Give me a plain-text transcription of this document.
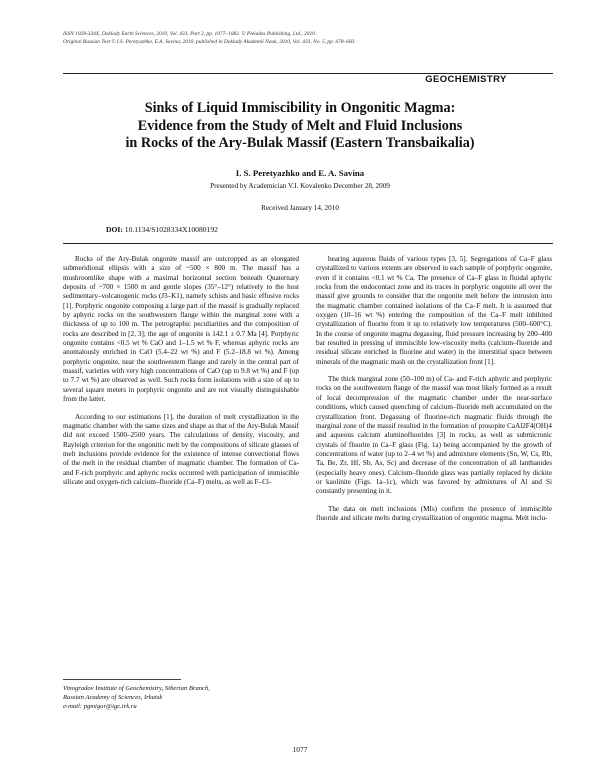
ISSN 1028-334X, Doklady Earth Sciences, 2010, Vol. 433, Part 2, pp. 1077–1082. © Pleiades Publishing, Ltd., 2010.
Original Russian Text © I.S. Peretyazhko, E.A. Savina, 2010, published in Doklady Akademii Nauk, 2010, Vol. 433, No. 5, pp. 678–683.
GEOCHEMISTRY
Sinks of Liquid Immiscibility in Ongonitic Magma:
Evidence from the Study of Melt and Fluid Inclusions
in Rocks of the Ary-Bulak Massif (Eastern Transbaikalia)
I. S. Peretyazhko and E. A. Savina
Presented by Academician V.I. Kovalenko December 28, 2009
Received January 14, 2010
DOI: 10.1134/S1028334X10080192

Rocks of the Ary-Bulak ongonite massif are outcropped as an elongated submeridional ellipsis with a size of ~500 × 800 m. The massif has a mushroomlike shape with a maximal horizontal section beneath Quaternary deposits of ~700 × 1500 m and gentle slopes (35°–12°) relatively to the host sedimentary–volcanogenic rocks (J3–K1), namely schists and basic effusive rocks [1]. Porphyric ongonite composing a large part of the massif is gradually replaced by aphyric rocks on the southwestern flange within the marginal zone with a thickness of up to 100 m. The petrographic peculiarities and the composition of rocks are described in [2, 3]; the age of ongonite is 142.1 ± 0.7 Ma [4]. Porphyric ongonite contains <0.5 wt % CaO and 1–1.5 wt % F, whereas aphyric rocks are anomalously enriched in CaO (5.4–22 wt %) and F (5.2–18.8 wt %). Among porphyric ongonite, near the southwestern flange and rarely in the central part of massif, varieties with very high concentrations of CaO (up to 9.8 wt %) and F (up to 7.7 wt %) are observed as well. Such rocks form isolations with a size of up to several square meters in porphyric ongonite and are not visually distinguishable from the latter.

According to our estimations [1], the duration of melt crystallization in the magmatic chamber with the same sizes and shape as that of the Ary-Bulak Massif did not exceed 1500–2500 years. The calculations of density, viscosity, and Rayleigh criterion for the ongonitic melt by the compositions of silicate glasses of melt inclusions provide evidence for the existence of intense convectional flows of the melt in the residual chamber of magmatic chamber. The formation of Ca- and F-rich porphyric and aphyric rocks occurred with participation of immiscible silicate and oxygen-rich calcium–fluoride (Ca–F) melts, as well as F–Cl-

bearing aqueous fluids of various types [3, 5]. Segregations of Ca–F glass crystallized to various extents are observed in each sample of porphyric ongonite, even if it contains <0.1 wt % Ca. The presence of Ca–F glass in fluidal aphyric rocks from the endocontact zone and its traces in porphyric ongonite all over the massif give grounds to consider that the ongonite melt before the intrusion into the magmatic chamber contained isolations of the Ca–F melt. It is assumed that oxygen (10–16 wt %) entering the composition of the Ca–F melt inhibited crystallization of fluorite from it up to relatively low temperatures (500–600°C). In the course of ongonite magma degassing, fluid pressure increasing by 200–400 bar resulted in pressing of immiscible low-viscosity melts (calcium–fluoride and residual silicate enriched in fluorine and water) in the interstitial space between minerals of the magmatic mash on the crystallization front [1].

The thick marginal zone (50–100 m) of Ca- and F-rich aphyric and porphyric rocks on the southwestern flange of the massif was most likely formed as a result of local decompression of the magmatic chamber under the near-surface conditions, which caused quenching of calcium–fluoride melt accumulated on the crystallization front. Degassing of fluorine-rich magmatic fluids through the marginal zone of the massif resulted in the formation of prosopite CaAl2F4(OH)4 and aqueous calcium aluminofluorides [3] in rocks, as well as submicronic crystals of fluorite in Ca–F glass (Fig. 1a) being accompanied by the growth of concentrations of water (up to 2–4 wt %) and admixture elements (Sn, W, Cs, Rb, Ta, Be, Zr, Hf, Sb, As, Sc) and decrease of the concentration of all lanthanides (especially heavy ones). Calcium–fluoride glass was partially replaced by dickite or kaolinite (Figs. 1a–1c), which was favored by admixtures of Al and Si constantly presenting in it.

The data on melt inclusions (MIs) confirm the presence of immiscible fluoride and silicate melts during crystallization of ongonitic magma. Melt inclu-

Vinogradov Institute of Geochemistry, Siberian Branch,
Russian Academy of Sciences, Irkutsk
e-mail: pgmigor@igc.irk.ru
1077
